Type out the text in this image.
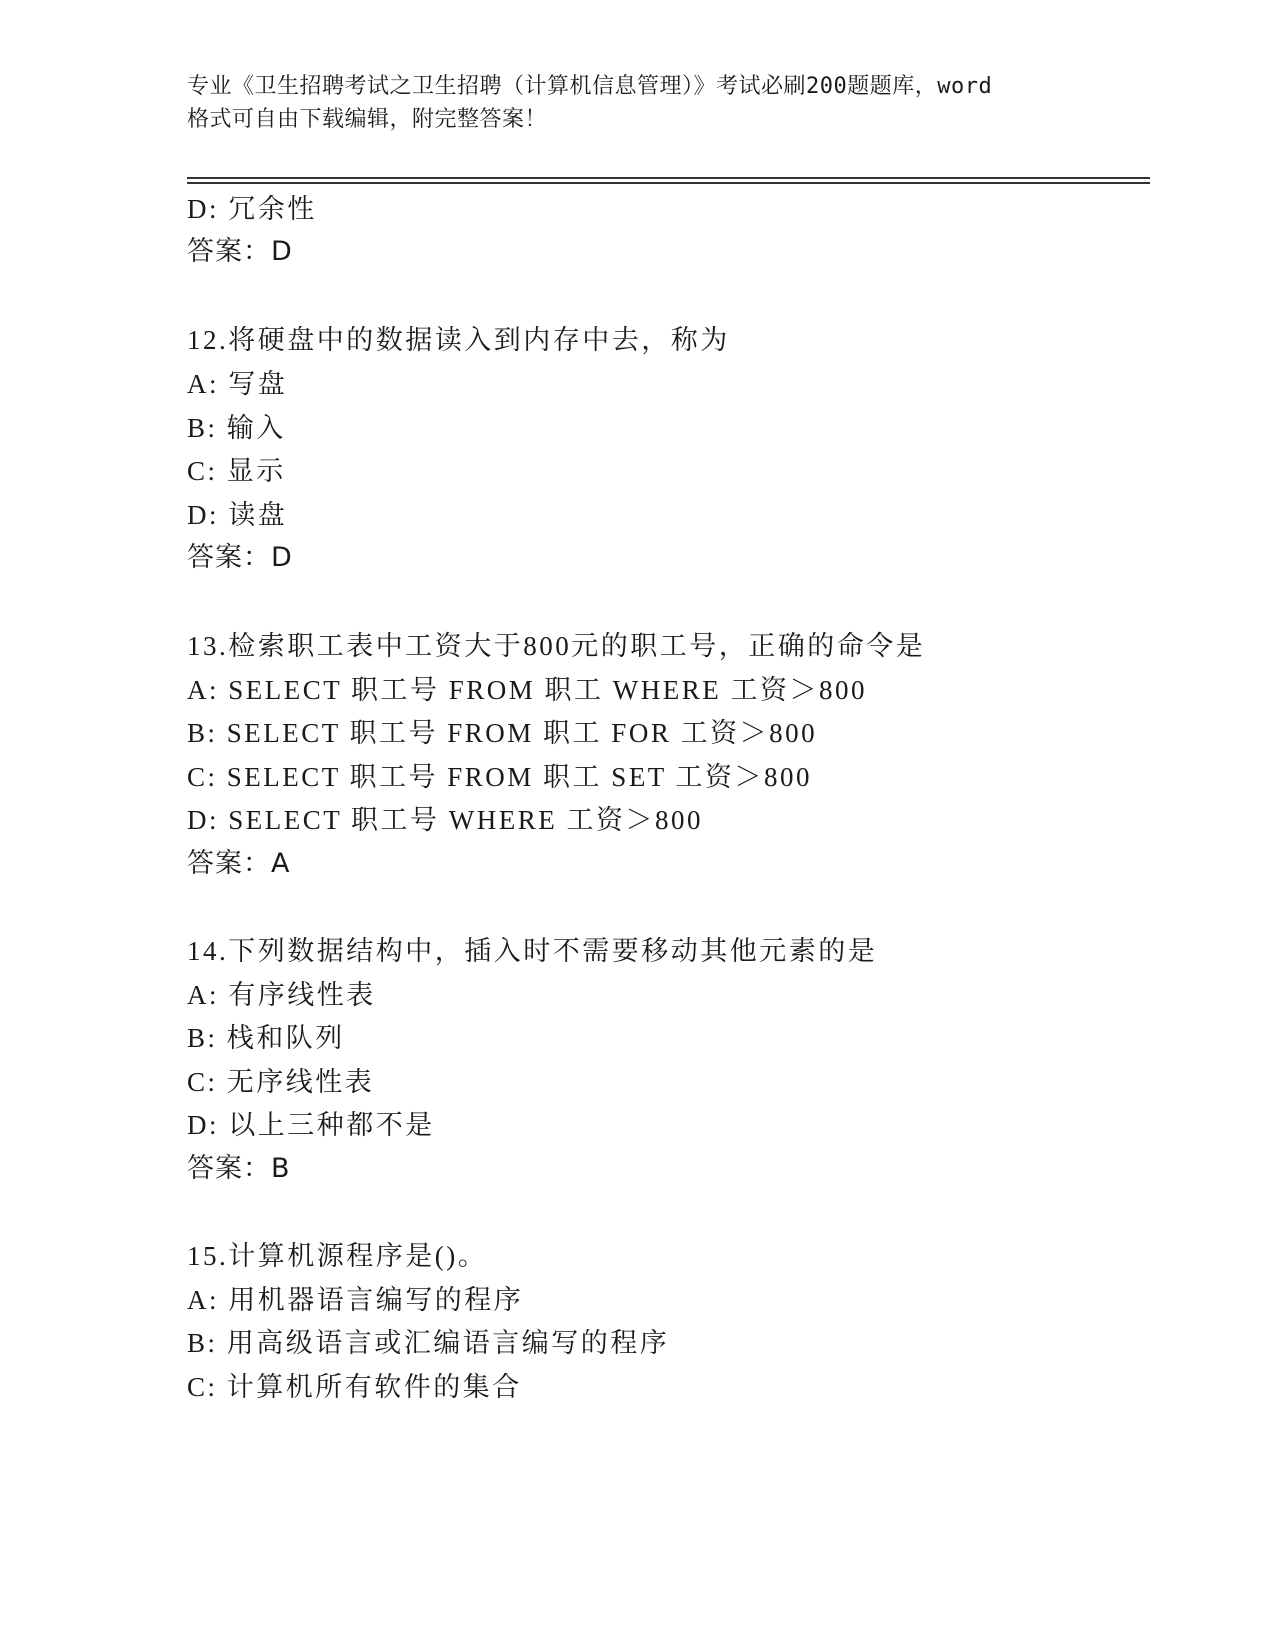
专业《卫生招聘考试之卫生招聘（计算机信息管理）》考试必刷200题题库，word
格式可自由下载编辑，附完整答案！
D: 冗余性
答案：D
12.将硬盘中的数据读入到内存中去，称为
A: 写盘
B: 输入
C: 显示
D: 读盘
答案：D
13.检索职工表中工资大于800元的职工号，正确的命令是
A: SELECT 职工号 FROM 职工 WHERE 工资＞800
B: SELECT 职工号 FROM 职工 FOR 工资＞800
C: SELECT 职工号 FROM 职工 SET 工资＞800
D: SELECT 职工号 WHERE 工资＞800
答案：A
14.下列数据结构中，插入时不需要移动其他元素的是
A: 有序线性表
B: 栈和队列
C: 无序线性表
D: 以上三种都不是
答案：B
15.计算机源程序是()。
A: 用机器语言编写的程序
B: 用高级语言或汇编语言编写的程序
C: 计算机所有软件的集合
